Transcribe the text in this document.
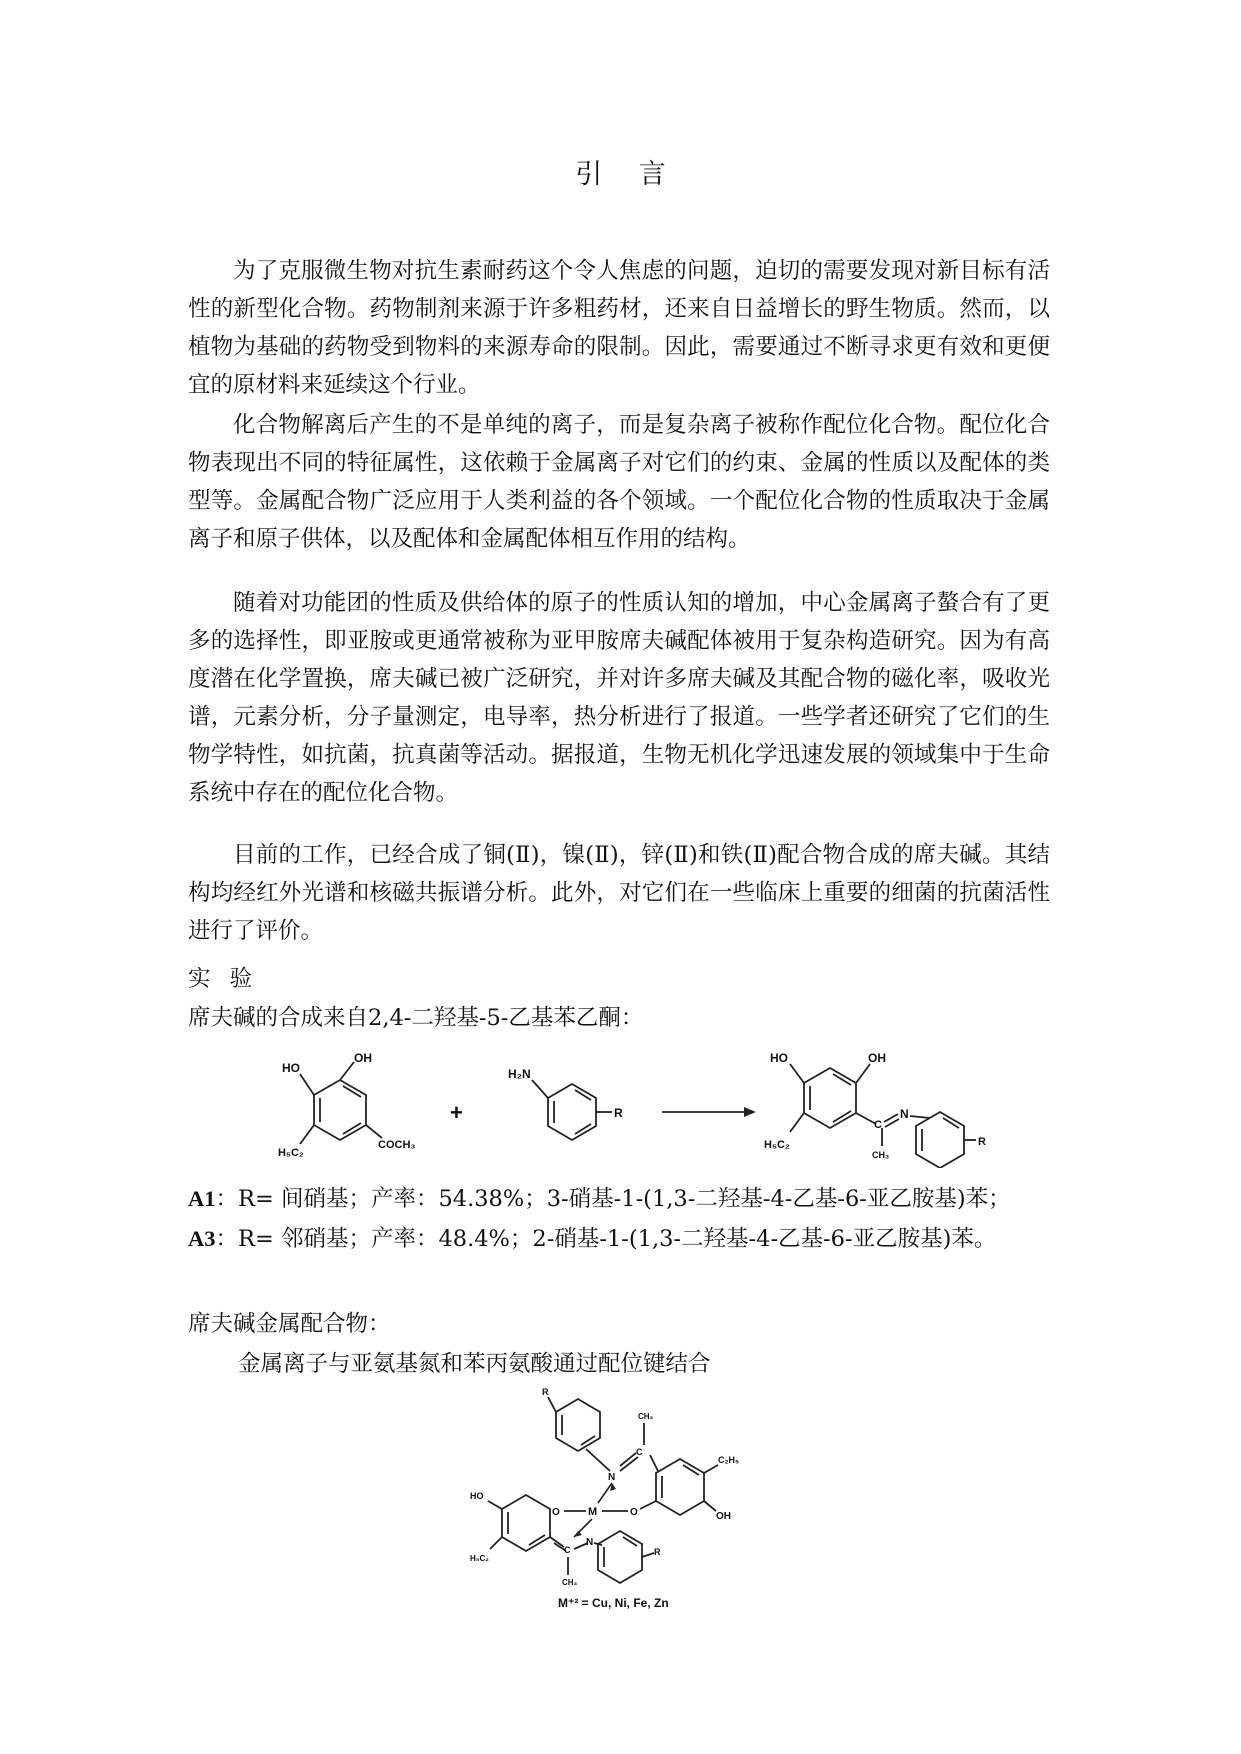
引 言

为了克服微生物对抗生素耐药这个令人焦虑的问题，迫切的需要发现对新目标有活性的新型化合物。药物制剂来源于许多粗药材，还来自日益增长的野生物质。然而，以植物为基础的药物受到物料的来源寿命的限制。因此，需要通过不断寻求更有效和更便宜的原材料来延续这个行业。

化合物解离后产生的不是单纯的离子，而是复杂离子被称作配位化合物。配位化合物表现出不同的特征属性，这依赖于金属离子对它们的约束、金属的性质以及配体的类型等。金属配合物广泛应用于人类利益的各个领域。一个配位化合物的性质取决于金属离子和原子供体，以及配体和金属配体相互作用的结构。

随着对功能团的性质及供给体的原子的性质认知的增加，中心金属离子螯合有了更多的选择性，即亚胺或更通常被称为亚甲胺席夫碱配体被用于复杂构造研究。因为有高度潜在化学置换，席夫碱已被广泛研究，并对许多席夫碱及其配合物的磁化率，吸收光谱，元素分析，分子量测定，电导率，热分析进行了报道。一些学者还研究了它们的生物学特性，如抗菌，抗真菌等活动。据报道，生物无机化学迅速发展的领域集中于生命系统中存在的配位化合物。

目前的工作，已经合成了铜(Ⅱ)，镍(Ⅱ)，锌(Ⅱ)和铁(Ⅱ)配合物合成的席夫碱。其结构均经红外光谱和核磁共振谱分析。此外，对它们在一些临床上重要的细菌的抗菌活性进行了评价。

实 验
席夫碱的合成来自2,4-二羟基-5-乙基苯乙酮：
HO
OH
H₅C₂
COCH₃
+
H₂N
R
HO	OH
H₅C₂
C
N
CH₃
R
A1：R= 间硝基；产率：54.38%；3-硝基-1-(1,3-二羟基-4-乙基-6-亚乙胺基)苯；
A3：R= 邻硝基；产率：48.4%；2-硝基-1-(1,3-二羟基-4-乙基-6-亚乙胺基)苯。
席夫碱金属配合物：
金属离子与亚氨基氮和苯丙氨酸通过配位键结合
R
N
C
CH₃
C₂H₅
OH
O
M
O
HO
H₅C₂
C
CH₃
N
R
M⁺² = Cu, Ni, Fe, Zn
